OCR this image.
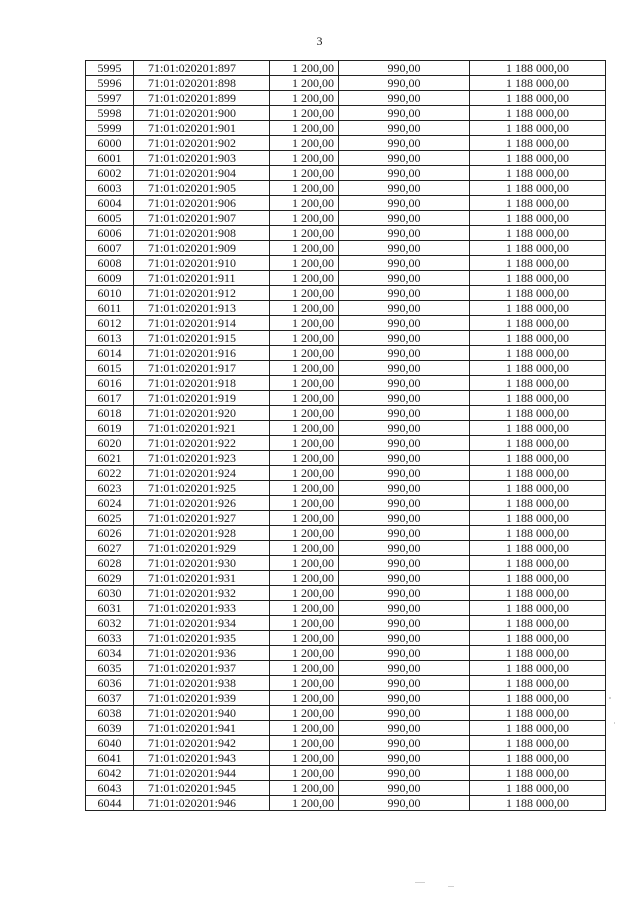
3
5995	71:01:020201:897	1 200,00	990,00	1 188 000,00
5996	71:01:020201:898	1 200,00	990,00	1 188 000,00
5997	71:01:020201:899	1 200,00	990,00	1 188 000,00
5998	71:01:020201:900	1 200,00	990,00	1 188 000,00
5999	71:01:020201:901	1 200,00	990,00	1 188 000,00
6000	71:01:020201:902	1 200,00	990,00	1 188 000,00
6001	71:01:020201:903	1 200,00	990,00	1 188 000,00
6002	71:01:020201:904	1 200,00	990,00	1 188 000,00
6003	71:01:020201:905	1 200,00	990,00	1 188 000,00
6004	71:01:020201:906	1 200,00	990,00	1 188 000,00
6005	71:01:020201:907	1 200,00	990,00	1 188 000,00
6006	71:01:020201:908	1 200,00	990,00	1 188 000,00
6007	71:01:020201:909	1 200,00	990,00	1 188 000,00
6008	71:01:020201:910	1 200,00	990,00	1 188 000,00
6009	71:01:020201:911	1 200,00	990,00	1 188 000,00
6010	71:01:020201:912	1 200,00	990,00	1 188 000,00
6011	71:01:020201:913	1 200,00	990,00	1 188 000,00
6012	71:01:020201:914	1 200,00	990,00	1 188 000,00
6013	71:01:020201:915	1 200,00	990,00	1 188 000,00
6014	71:01:020201:916	1 200,00	990,00	1 188 000,00
6015	71:01:020201:917	1 200,00	990,00	1 188 000,00
6016	71:01:020201:918	1 200,00	990,00	1 188 000,00
6017	71:01:020201:919	1 200,00	990,00	1 188 000,00
6018	71:01:020201:920	1 200,00	990,00	1 188 000,00
6019	71:01:020201:921	1 200,00	990,00	1 188 000,00
6020	71:01:020201:922	1 200,00	990,00	1 188 000,00
6021	71:01:020201:923	1 200,00	990,00	1 188 000,00
6022	71:01:020201:924	1 200,00	990,00	1 188 000,00
6023	71:01:020201:925	1 200,00	990,00	1 188 000,00
6024	71:01:020201:926	1 200,00	990,00	1 188 000,00
6025	71:01:020201:927	1 200,00	990,00	1 188 000,00
6026	71:01:020201:928	1 200,00	990,00	1 188 000,00
6027	71:01:020201:929	1 200,00	990,00	1 188 000,00
6028	71:01:020201:930	1 200,00	990,00	1 188 000,00
6029	71:01:020201:931	1 200,00	990,00	1 188 000,00
6030	71:01:020201:932	1 200,00	990,00	1 188 000,00
6031	71:01:020201:933	1 200,00	990,00	1 188 000,00
6032	71:01:020201:934	1 200,00	990,00	1 188 000,00
6033	71:01:020201:935	1 200,00	990,00	1 188 000,00
6034	71:01:020201:936	1 200,00	990,00	1 188 000,00
6035	71:01:020201:937	1 200,00	990,00	1 188 000,00
6036	71:01:020201:938	1 200,00	990,00	1 188 000,00
6037	71:01:020201:939	1 200,00	990,00	1 188 000,00
6038	71:01:020201:940	1 200,00	990,00	1 188 000,00
6039	71:01:020201:941	1 200,00	990,00	1 188 000,00
6040	71:01:020201:942	1 200,00	990,00	1 188 000,00
6041	71:01:020201:943	1 200,00	990,00	1 188 000,00
6042	71:01:020201:944	1 200,00	990,00	1 188 000,00
6043	71:01:020201:945	1 200,00	990,00	1 188 000,00
6044	71:01:020201:946	1 200,00	990,00	1 188 000,00
